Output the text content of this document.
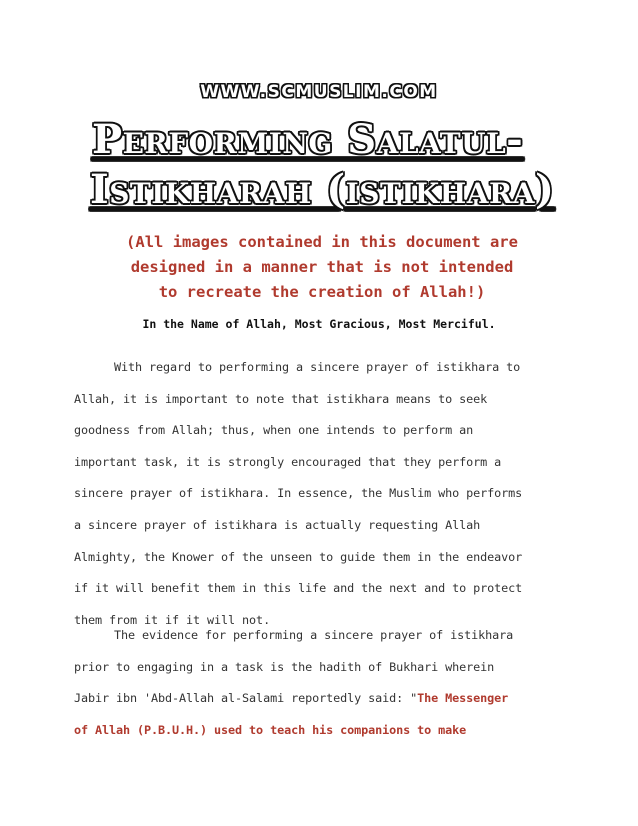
WWW.SCMUSLIM.COM
Performing Salatul-
Istikharah (istikhara)
(All images contained in this document are
designed in a manner that is not intended
to recreate the creation of Allah!)
In the Name of Allah, Most Gracious, Most Merciful.
With regard to performing a sincere prayer of istikhara to
Allah, it is important to note that istikhara means to seek
goodness from Allah; thus, when one intends to perform an
important task, it is strongly encouraged that they perform a
sincere prayer of istikhara. In essence, the Muslim who performs
a sincere prayer of istikhara is actually requesting Allah
Almighty, the Knower of the unseen to guide them in the endeavor
if it will benefit them in this life and the next and to protect
them from it if it will not.
The evidence for performing a sincere prayer of istikhara
prior to engaging in a task is the hadith of Bukhari wherein
Jabir ibn 'Abd-Allah al-Salami reportedly said: "The Messenger
of Allah (P.B.U.H.) used to teach his companions to make
